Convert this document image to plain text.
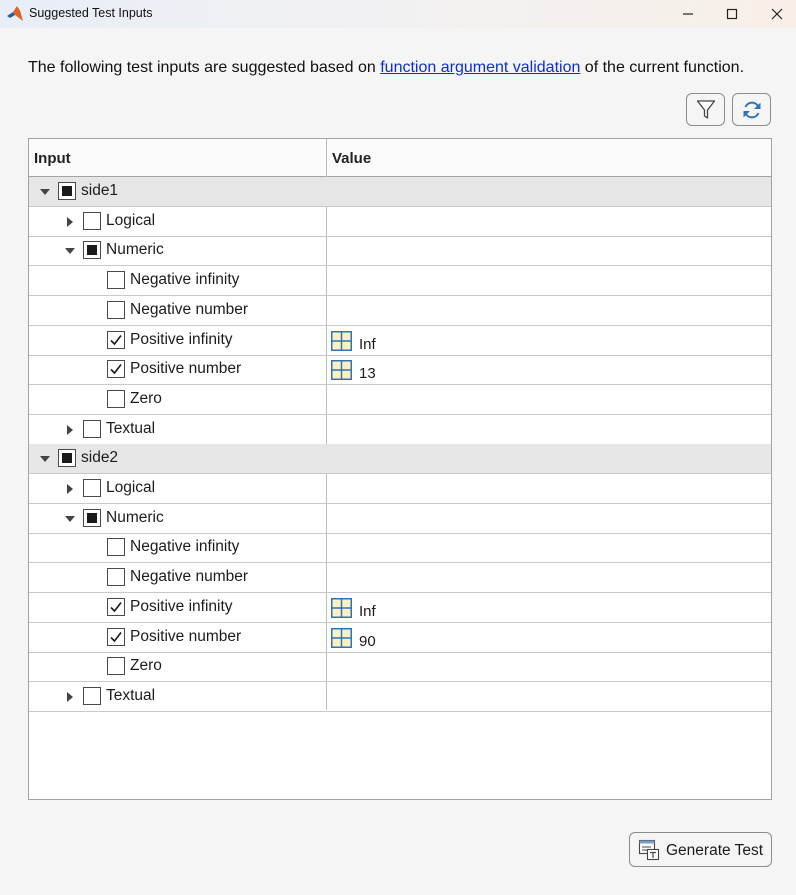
Suggested Test Inputs
The following test inputs are suggested based on function argument validation of the current function.
Input	Value
side1
Logical
Numeric
Negative infinity
Negative number
Positive infinity	Inf
Positive number	13
Zero
Textual
side2
Logical
Numeric
Negative infinity
Negative number
Positive infinity	Inf
Positive number	90
Zero
Textual
Generate Test
